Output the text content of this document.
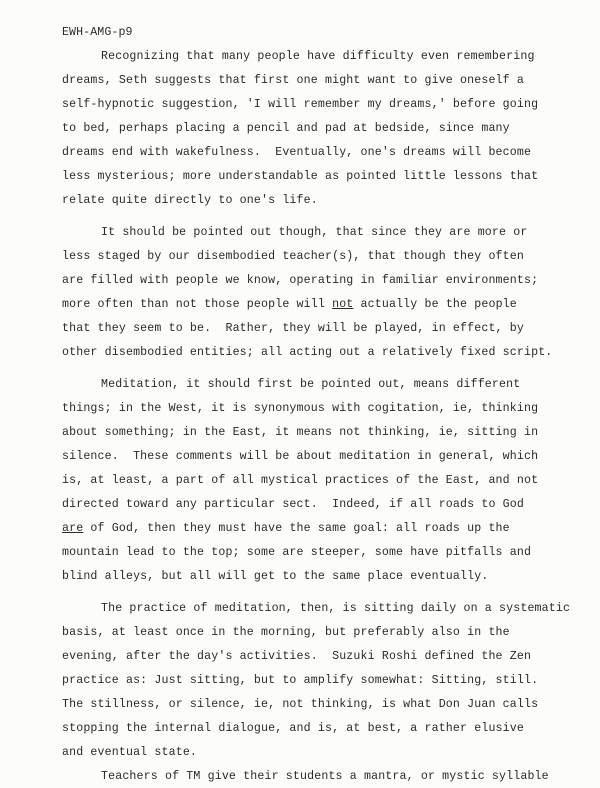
EWH-AMG-p9
Recognizing that many people have difficulty even remembering
dreams, Seth suggests that first one might want to give oneself a
self-hypnotic suggestion, 'I will remember my dreams,' before going
to bed, perhaps placing a pencil and pad at bedside, since many
dreams end with wakefulness.  Eventually, one's dreams will become
less mysterious; more understandable as pointed little lessons that
relate quite directly to one's life.
It should be pointed out though, that since they are more or
less staged by our disembodied teacher(s), that though they often
are filled with people we know, operating in familiar environments;
more often than not those people will not actually be the people
that they seem to be.  Rather, they will be played, in effect, by
other disembodied entities; all acting out a relatively fixed script.
Meditation, it should first be pointed out, means different
things; in the West, it is synonymous with cogitation, ie, thinking
about something; in the East, it means not thinking, ie, sitting in
silence.  These comments will be about meditation in general, which
is, at least, a part of all mystical practices of the East, and not
directed toward any particular sect.  Indeed, if all roads to God
are of God, then they must have the same goal: all roads up the
mountain lead to the top; some are steeper, some have pitfalls and
blind alleys, but all will get to the same place eventually.
The practice of meditation, then, is sitting daily on a systematic
basis, at least once in the morning, but preferably also in the
evening, after the day's activities.  Suzuki Roshi defined the Zen
practice as: Just sitting, but to amplify somewhat: Sitting, still.
The stillness, or silence, ie, not thinking, is what Don Juan calls
stopping the internal dialogue, and is, at best, a rather elusive
and eventual state.
Teachers of TM give their students a mantra, or mystic syllable
